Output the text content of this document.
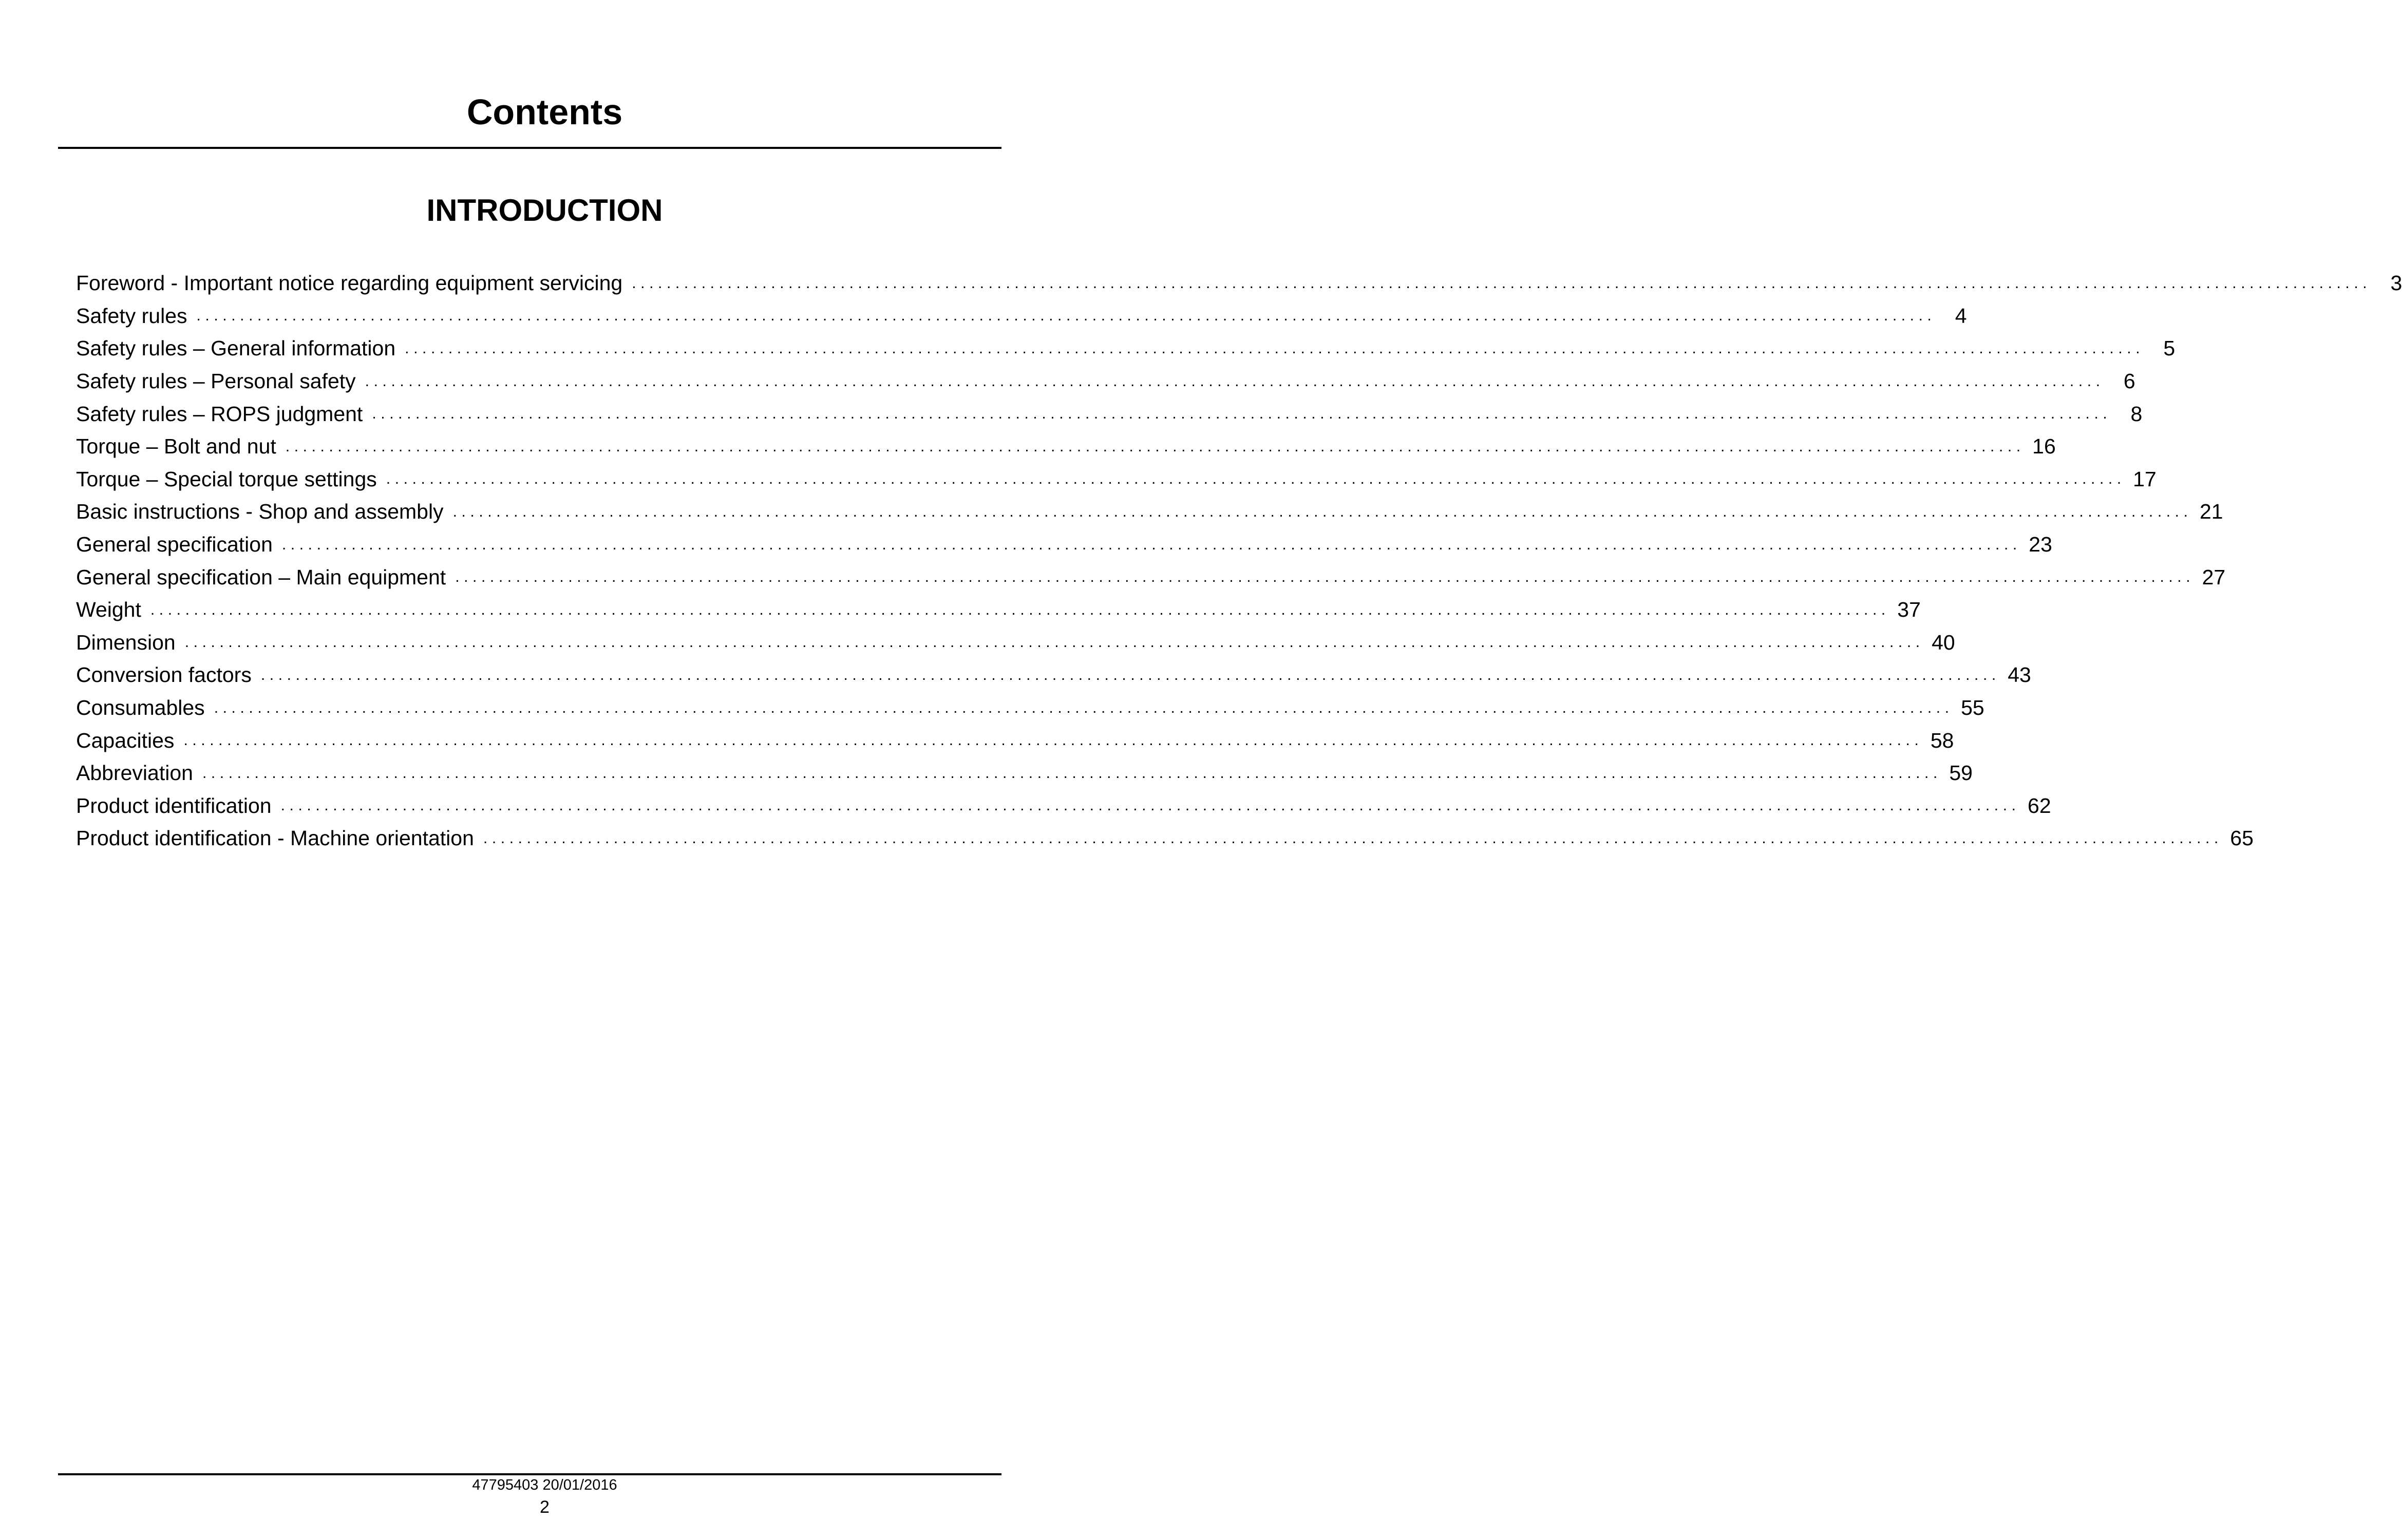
Contents
INTRODUCTION
Foreword - Important notice regarding equipment servicing ........................................................................................................................................................................................................ 3
Safety rules ........................................................................................................................................................................................................ 4
Safety rules – General information ........................................................................................................................................................................................................ 5
Safety rules – Personal safety ........................................................................................................................................................................................................ 6
Safety rules – ROPS judgment ........................................................................................................................................................................................................ 8
Torque – Bolt and nut ........................................................................................................................................................................................................ 16
Torque – Special torque settings ........................................................................................................................................................................................................ 17
Basic instructions - Shop and assembly ........................................................................................................................................................................................................ 21
General specification ........................................................................................................................................................................................................ 23
General specification – Main equipment ........................................................................................................................................................................................................ 27
Weight ........................................................................................................................................................................................................ 37
Dimension ........................................................................................................................................................................................................ 40
Conversion factors ........................................................................................................................................................................................................ 43
Consumables ........................................................................................................................................................................................................ 55
Capacities ........................................................................................................................................................................................................ 58
Abbreviation ........................................................................................................................................................................................................ 59
Product identification ........................................................................................................................................................................................................ 62
Product identification - Machine orientation ........................................................................................................................................................................................................ 65
47795403 20/01/2016
2
